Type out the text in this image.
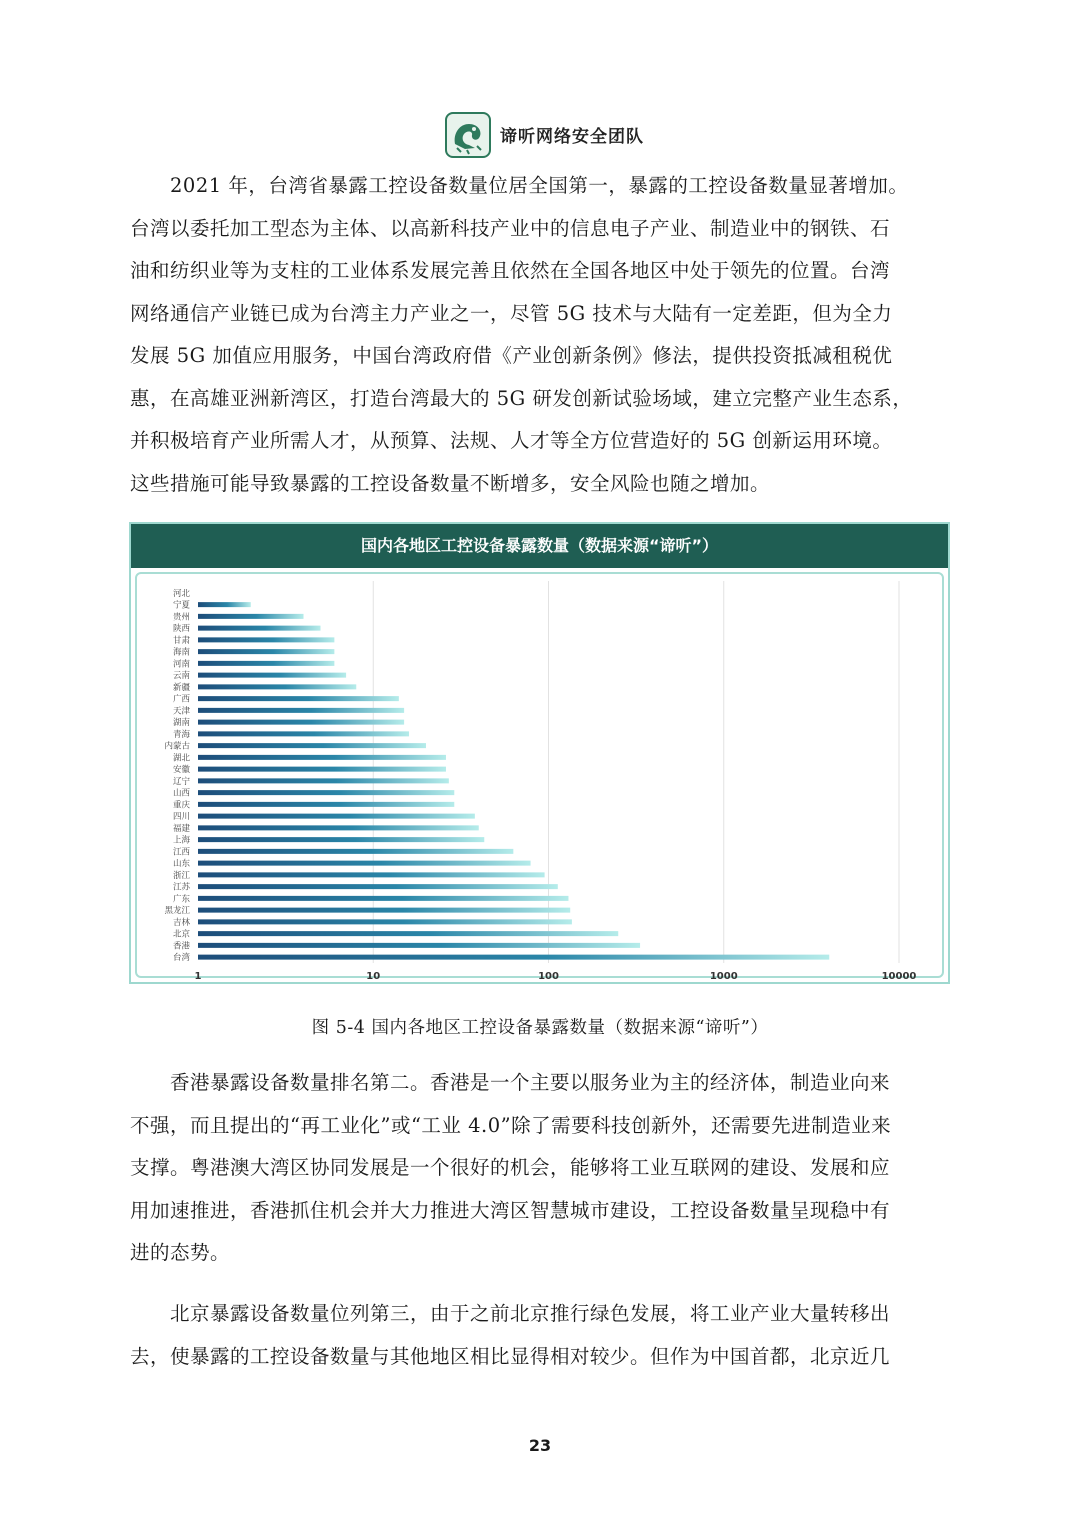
谛听网络安全团队
　　2021 年，台湾省暴露工控设备数量位居全国第一，暴露的工控设备数量显著增加。
台湾以委托加工型态为主体、以高新科技产业中的信息电子产业、制造业中的钢铁、石
油和纺织业等为支柱的工业体系发展完善且依然在全国各地区中处于领先的位置。台湾
网络通信产业链已成为台湾主力产业之一，尽管 5G 技术与大陆有一定差距，但为全力
发展 5G 加值应用服务，中国台湾政府借《产业创新条例》修法，提供投资抵减租税优
惠，在高雄亚洲新湾区，打造台湾最大的 5G 研发创新试验场域，建立完整产业生态系，
并积极培育产业所需人才，从预算、法规、人才等全方位营造好的 5G 创新运用环境。
这些措施可能导致暴露的工控设备数量不断增多，安全风险也随之增加。
国内各地区工控设备暴露数量（数据来源“谛听”）
河北
宁夏
贵州
陕西
甘肃
海南
河南
云南
新疆
广西
天津
湖南
青海
内蒙古
湖北
安徽
辽宁
山西
重庆
四川
福建
上海
江西
山东
浙江
江苏
广东
黑龙江
吉林
北京
香港
台湾
1	10	100	1000	10000
图 5-4 国内各地区工控设备暴露数量（数据来源“谛听”）
　　香港暴露设备数量排名第二。香港是一个主要以服务业为主的经济体，制造业向来
不强，而且提出的“再工业化”或“工业 4.0”除了需要科技创新外，还需要先进制造业来
支撑。粤港澳大湾区协同发展是一个很好的机会，能够将工业互联网的建设、发展和应
用加速推进，香港抓住机会并大力推进大湾区智慧城市建设，工控设备数量呈现稳中有
进的态势。
　　北京暴露设备数量位列第三，由于之前北京推行绿色发展，将工业产业大量转移出
去，使暴露的工控设备数量与其他地区相比显得相对较少。但作为中国首都，北京近几
23
